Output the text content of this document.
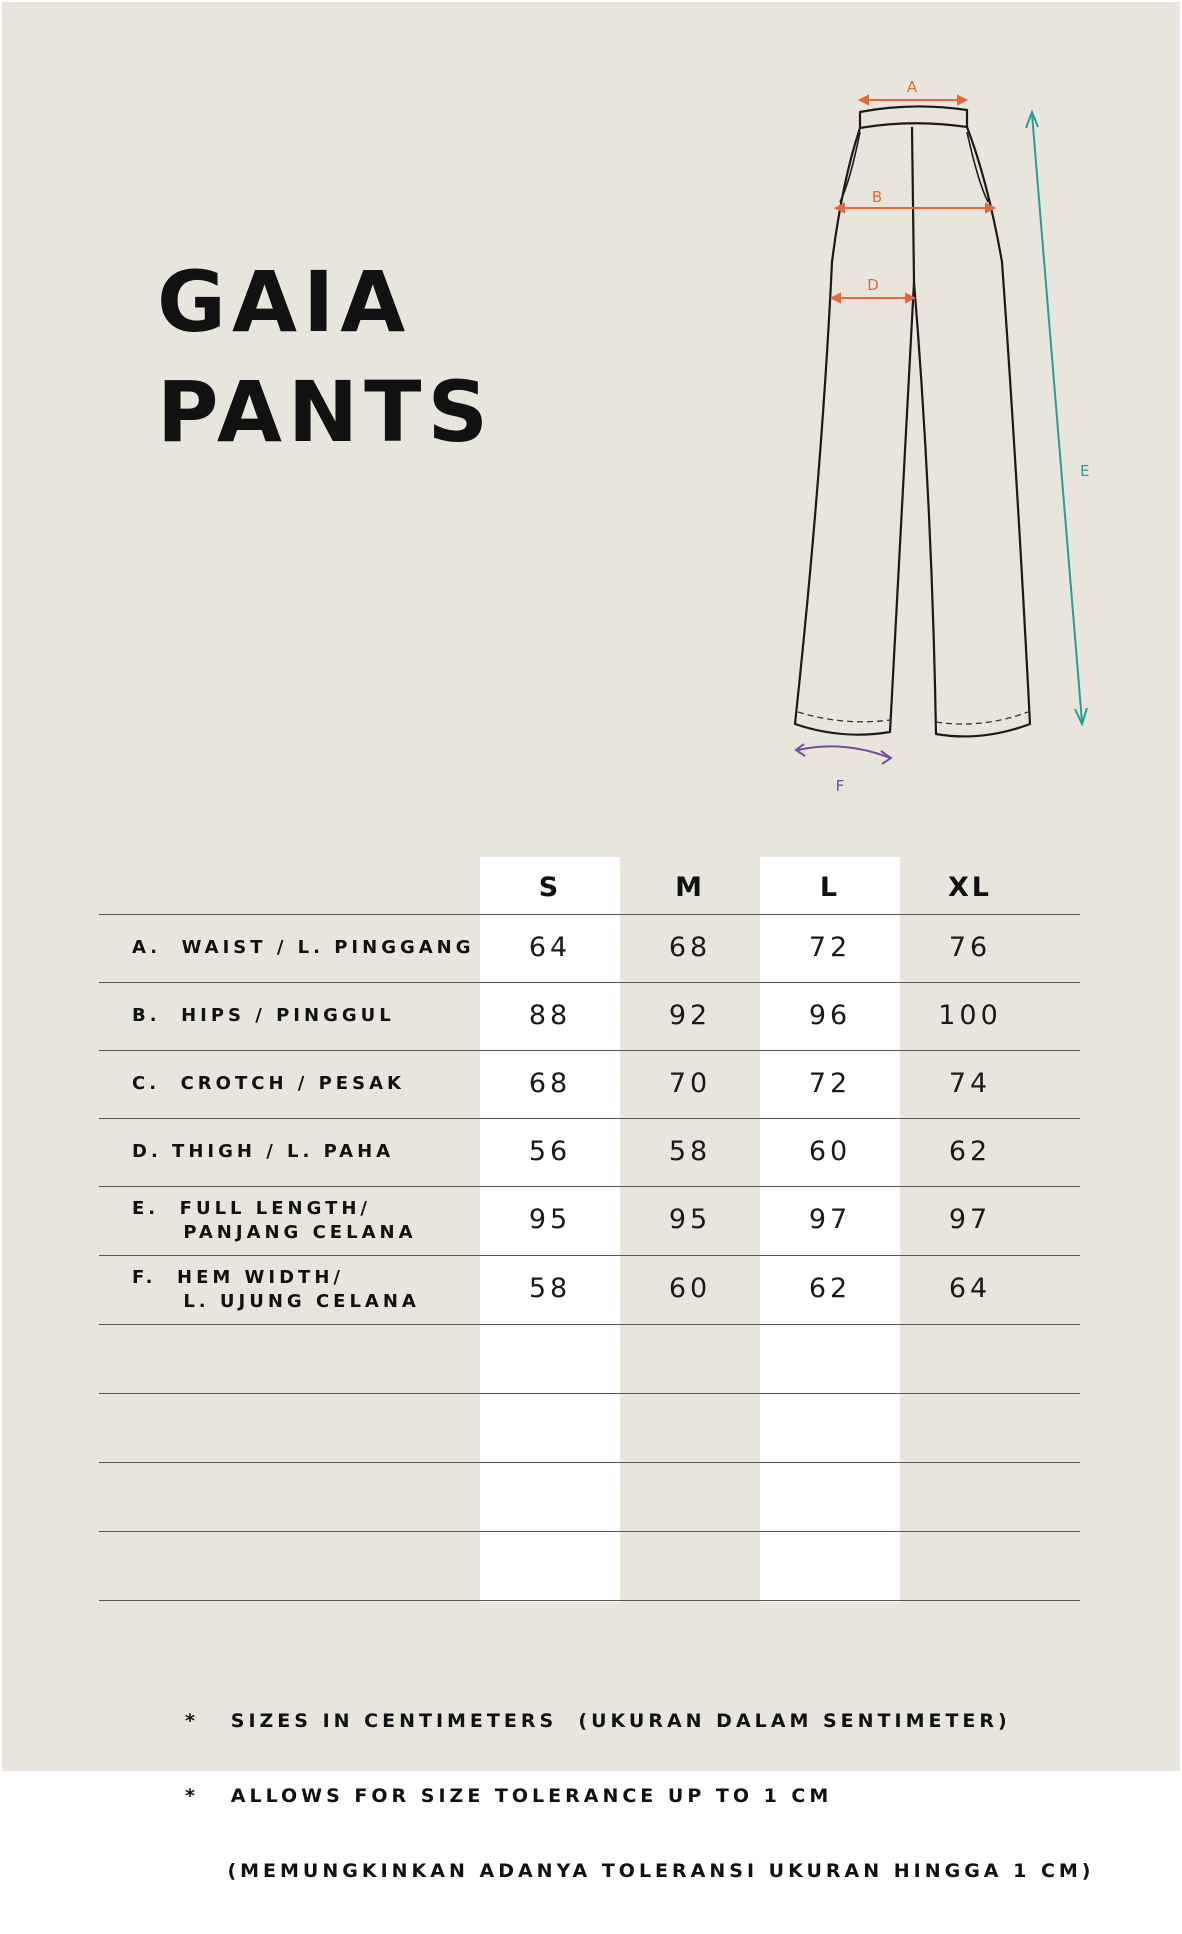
GAIA
PANTS
A
B
D
E
F
S	M	L	XL
A.  WAIST / L. PINGGANG	64	68	72	76
B.  HIPS / PINGGUL	88	92	96	100
C.  CROTCH / PESAK	68	70	72	74
D. THIGH / L. PAHA	56	58	60	62
E.  FULL LENGTH/
PANJANG CELANA	95	95	97	97
F.  HEM WIDTH/
L. UJUNG CELANA	58	60	62	64

*   SIZES IN CENTIMETERS  (UKURAN DALAM SENTIMETER)

*   ALLOWS FOR SIZE TOLERANCE UP TO 1 CM

(MEMUNGKINKAN ADANYA TOLERANSI UKURAN HINGGA 1 CM)
